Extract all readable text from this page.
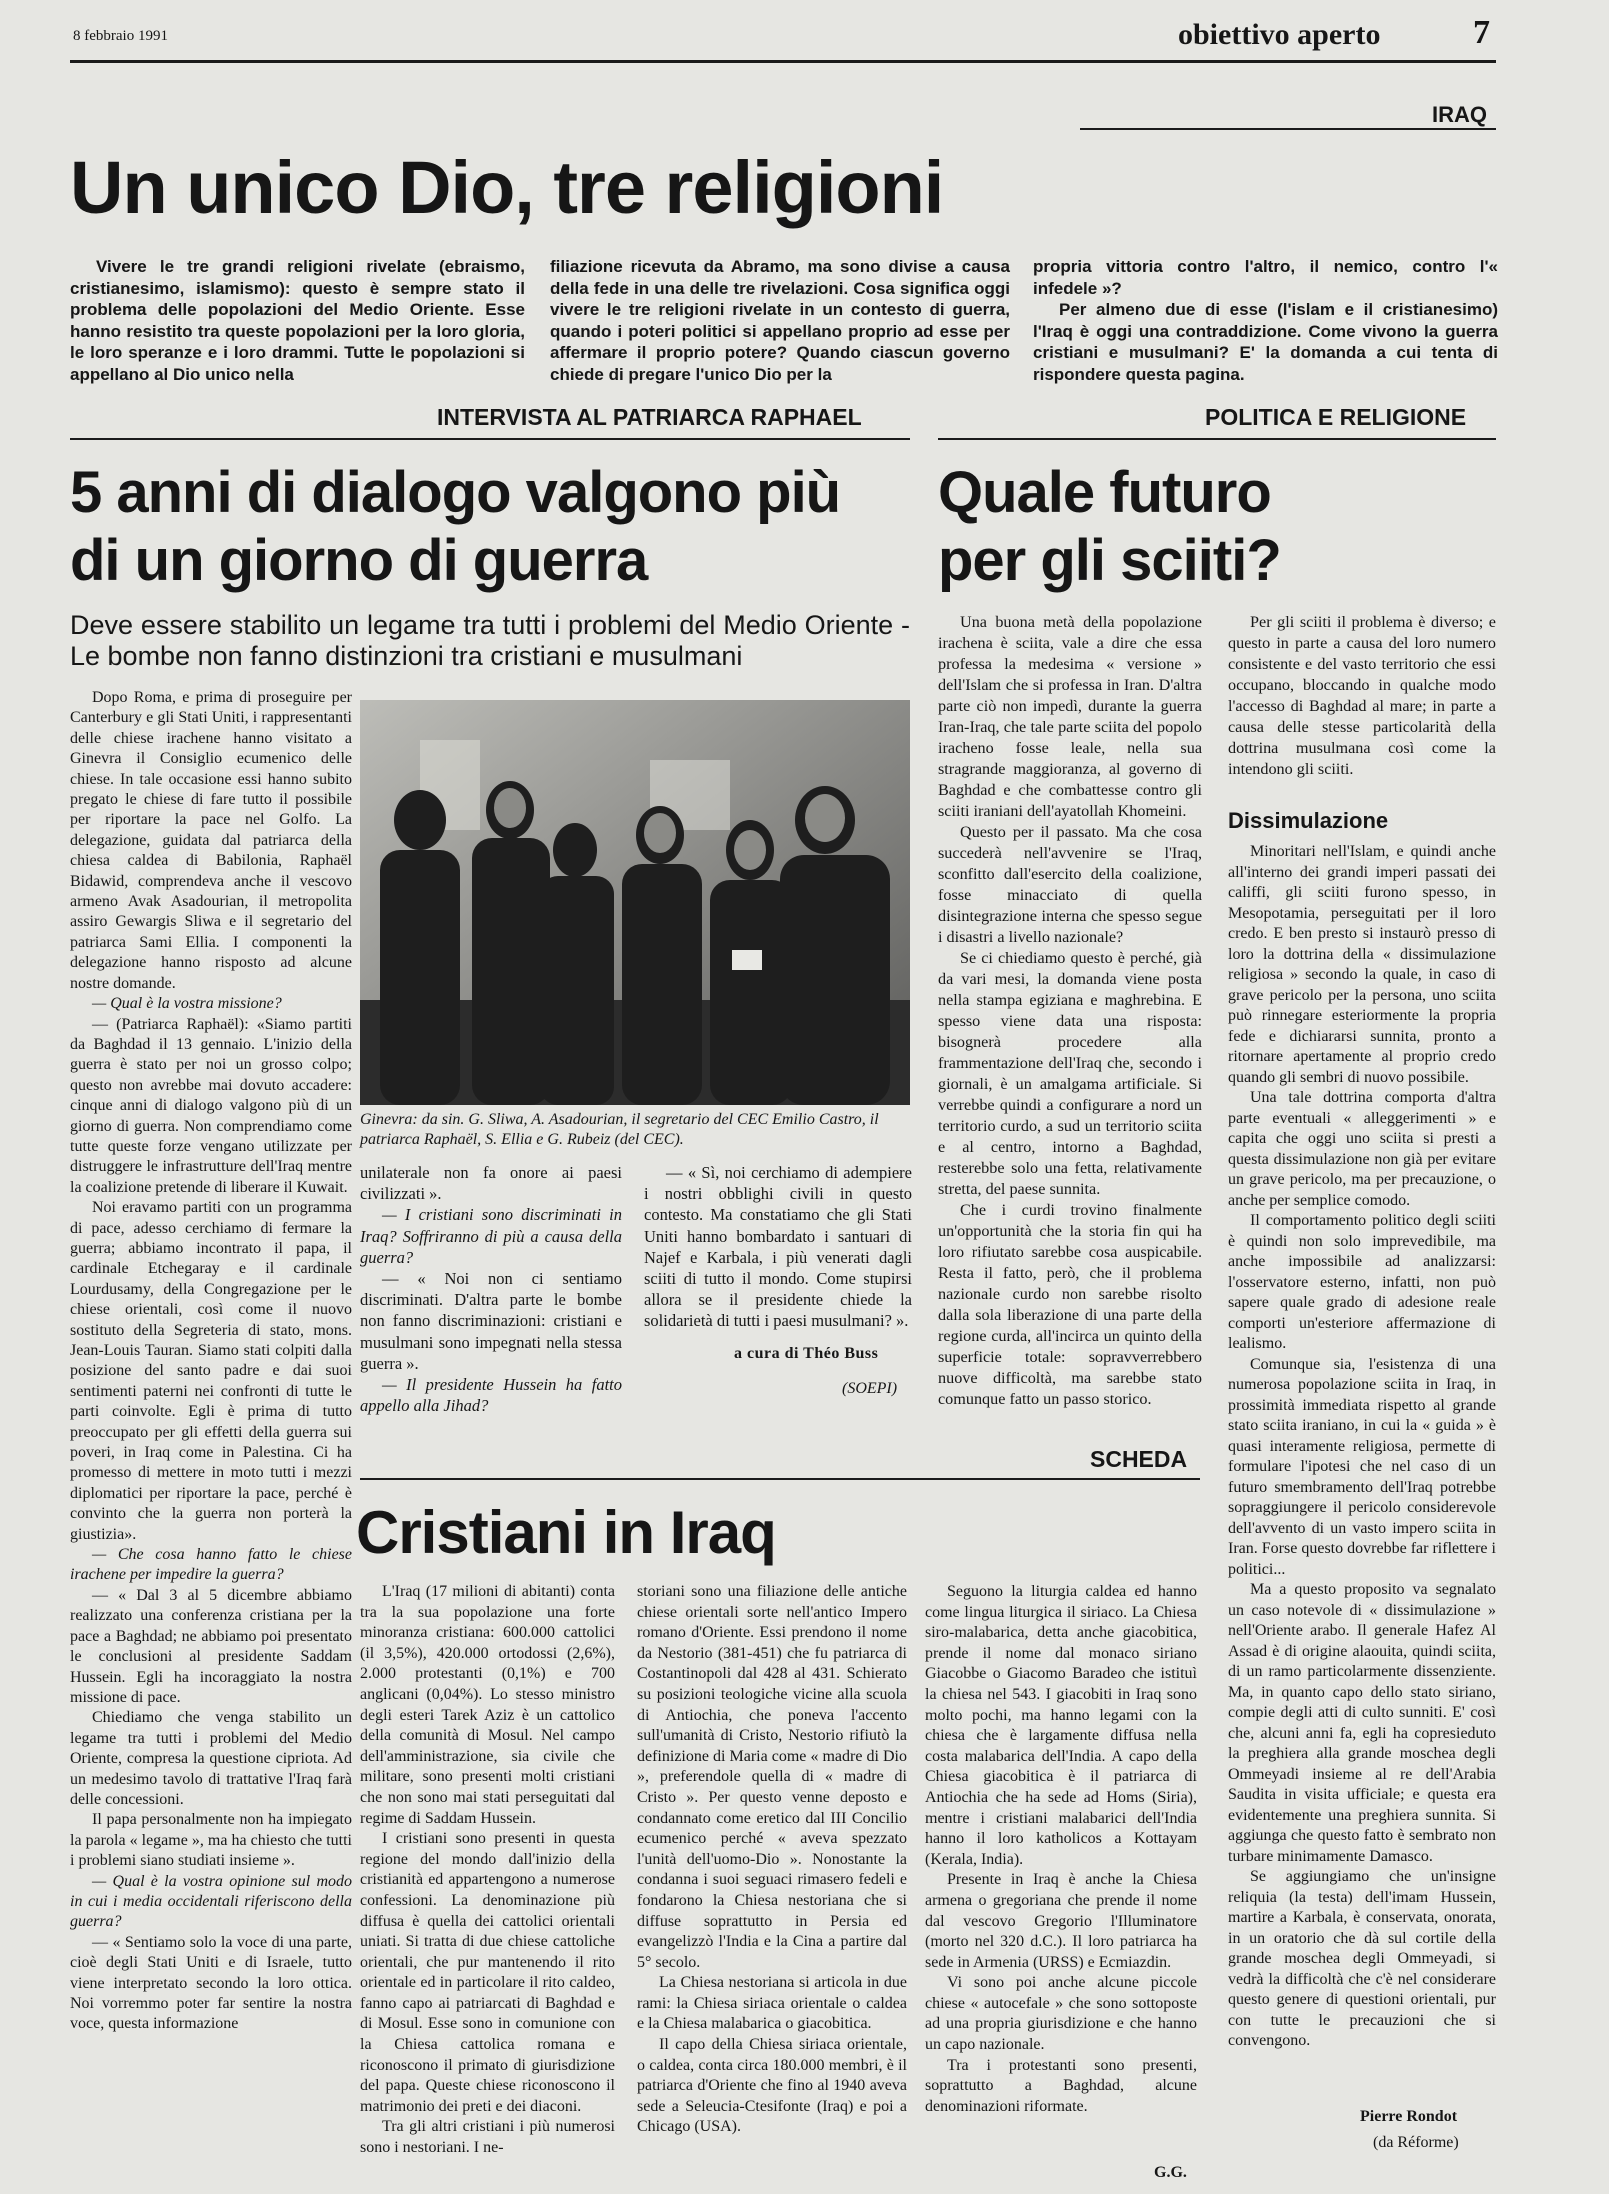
8 febbraio 1991	obiettivo aperto	7
IRAQ
Un unico Dio, tre religioni

Vivere le tre grandi religioni rivelate (ebraismo, cristianesimo, islamismo): questo è sempre stato il problema delle popolazioni del Medio Oriente. Esse hanno resistito tra queste popolazioni per la loro gloria, le loro speranze e i loro drammi. Tutte le popolazioni si appellano al Dio unico nella

filiazione ricevuta da Abramo, ma sono divise a causa della fede in una delle tre rivelazioni. Cosa significa oggi vivere le tre religioni rivelate in un contesto di guerra, quando i poteri politici si appellano proprio ad esse per affermare il proprio potere? Quando ciascun governo chiede di pregare l'unico Dio per la

propria vittoria contro l'altro, il nemico, contro l'« infedele »?

Per almeno due di esse (l'islam e il cristianesimo) l'Iraq è oggi una contraddizione. Come vivono la guerra cristiani e musulmani? E' la domanda a cui tenta di rispondere questa pagina.

INTERVISTA AL PATRIARCA RAPHAEL	POLITICA E RELIGIONE
5 anni di dialogo valgono più
di un giorno di guerra
Deve essere stabilito un legame tra tutti i problemi del Medio Oriente - Le bombe non fanno distinzioni tra cristiani e musulmani
Quale futuro
per gli sciiti?

Dopo Roma, e prima di proseguire per Canterbury e gli Stati Uniti, i rappresentanti delle chiese irachene hanno visitato a Ginevra il Consiglio ecumenico delle chiese. In tale occasione essi hanno subito pregato le chiese di fare tutto il possibile per riportare la pace nel Golfo. La delegazione, guidata dal patriarca della chiesa caldea di Babilonia, Raphaël Bidawid, comprendeva anche il vescovo armeno Avak Asadourian, il metropolita assiro Gewargis Sliwa e il segretario del patriarca Sami Ellia. I componenti la delegazione hanno risposto ad alcune nostre domande.

— Qual è la vostra missione?

— (Patriarca Raphaël): «Siamo partiti da Baghdad il 13 gennaio. L'inizio della guerra è stato per noi un grosso colpo; questo non avrebbe mai dovuto accadere: cinque anni di dialogo valgono più di un giorno di guerra. Non comprendiamo come tutte queste forze vengano utilizzate per distruggere le infrastrutture dell'Iraq mentre la coalizione pretende di liberare il Kuwait.

Noi eravamo partiti con un programma di pace, adesso cerchiamo di fermare la guerra; abbiamo incontrato il papa, il cardinale Etchegaray e il cardinale Lourdusamy, della Congregazione per le chiese orientali, così come il nuovo sostituto della Segreteria di stato, mons. Jean-Louis Tauran. Siamo stati colpiti dalla posizione del santo padre e dai suoi sentimenti paterni nei confronti di tutte le parti coinvolte. Egli è prima di tutto preoccupato per gli effetti della guerra sui poveri, in Iraq come in Palestina. Ci ha promesso di mettere in moto tutti i mezzi diplomatici per riportare la pace, perché è convinto che la guerra non porterà la giustizia».

— Che cosa hanno fatto le chiese irachene per impedire la guerra?

— « Dal 3 al 5 dicembre abbiamo realizzato una conferenza cristiana per la pace a Baghdad; ne abbiamo poi presentato le conclusioni al presidente Saddam Hussein. Egli ha incoraggiato la nostra missione di pace.

Chiediamo che venga stabilito un legame tra tutti i problemi del Medio Oriente, compresa la questione cipriota. Ad un medesimo tavolo di trattative l'Iraq farà delle concessioni.

Il papa personalmente non ha impiegato la parola « legame », ma ha chiesto che tutti i problemi siano studiati insieme ».

— Qual è la vostra opinione sul modo in cui i media occidentali riferiscono della guerra?

— « Sentiamo solo la voce di una parte, cioè degli Stati Uniti e di Israele, tutto viene interpretato secondo la loro ottica. Noi vorremmo poter far sentire la nostra voce, questa informazione

Ginevra: da sin. G. Sliwa, A. Asadourian, il segretario del CEC Emilio Castro, il patriarca Raphaël, S. Ellia e G. Rubeiz (del CEC).

unilaterale non fa onore ai paesi civilizzati ».

— I cristiani sono discriminati in Iraq? Soffriranno di più a causa della guerra?

— « Noi non ci sentiamo discriminati. D'altra parte le bombe non fanno discriminazioni: cristiani e musulmani sono impegnati nella stessa guerra ».

— Il presidente Hussein ha fatto appello alla Jihad?

— « Sì, noi cerchiamo di adempiere i nostri obblighi civili in questo contesto. Ma constatiamo che gli Stati Uniti hanno bombardato i santuari di Najef e Karbala, i più venerati dagli sciiti di tutto il mondo. Come stupirsi allora se il presidente chiede la solidarietà di tutti i paesi musulmani? ».

a cura di Théo Buss
(SOEPI)
SCHEDA
Cristiani in Iraq

L'Iraq (17 milioni di abitanti) conta tra la sua popolazione una forte minoranza cristiana: 600.000 cattolici (il 3,5%), 420.000 ortodossi (2,6%), 2.000 protestanti (0,1%) e 700 anglicani (0,04%). Lo stesso ministro degli esteri Tarek Aziz è un cattolico della comunità di Mosul. Nel campo dell'amministrazione, sia civile che militare, sono presenti molti cristiani che non sono mai stati perseguitati dal regime di Saddam Hussein.

I cristiani sono presenti in questa regione del mondo dall'inizio della cristianità ed appartengono a numerose confessioni. La denominazione più diffusa è quella dei cattolici orientali uniati. Si tratta di due chiese cattoliche orientali, che pur mantenendo il rito orientale ed in particolare il rito caldeo, fanno capo ai patriarcati di Baghdad e di Mosul. Esse sono in comunione con la Chiesa cattolica romana e riconoscono il primato di giurisdizione del papa. Queste chiese riconoscono il matrimonio dei preti e dei diaconi.

Tra gli altri cristiani i più numerosi sono i nestoriani. I ne-

storiani sono una filiazione delle antiche chiese orientali sorte nell'antico Impero romano d'Oriente. Essi prendono il nome da Nestorio (381-451) che fu patriarca di Costantinopoli dal 428 al 431. Schierato su posizioni teologiche vicine alla scuola di Antiochia, che poneva l'accento sull'umanità di Cristo, Nestorio rifiutò la definizione di Maria come « madre di Dio », preferendole quella di « madre di Cristo ». Per questo venne deposto e condannato come eretico dal III Concilio ecumenico perché « aveva spezzato l'unità dell'uomo-Dio ». Nonostante la condanna i suoi seguaci rimasero fedeli e fondarono la Chiesa nestoriana che si diffuse soprattutto in Persia ed evangelizzò l'India e la Cina a partire dal 5° secolo.

La Chiesa nestoriana si articola in due rami: la Chiesa siriaca orientale o caldea e la Chiesa malabarica o giacobitica.

Il capo della Chiesa siriaca orientale, o caldea, conta circa 180.000 membri, è il patriarca d'Oriente che fino al 1940 aveva sede a Seleucia-Ctesifonte (Iraq) e poi a Chicago (USA).

Seguono la liturgia caldea ed hanno come lingua liturgica il siriaco. La Chiesa siro-malabarica, detta anche giacobitica, prende il nome dal monaco siriano Giacobbe o Giacomo Baradeo che istituì la chiesa nel 543. I giacobiti in Iraq sono molto pochi, ma hanno legami con la chiesa che è largamente diffusa nella costa malabarica dell'India. A capo della Chiesa giacobitica è il patriarca di Antiochia che ha sede ad Homs (Siria), mentre i cristiani malabarici dell'India hanno il loro katholicos a Kottayam (Kerala, India).

Presente in Iraq è anche la Chiesa armena o gregoriana che prende il nome dal vescovo Gregorio l'Illuminatore (morto nel 320 d.C.). Il loro patriarca ha sede in Armenia (URSS) e Ecmiazdin.

Vi sono poi anche alcune piccole chiese « autocefale » che sono sottoposte ad una propria giurisdizione e che hanno un capo nazionale.

Tra i protestanti sono presenti, soprattutto a Baghdad, alcune denominazioni riformate.

G.G.

Una buona metà della popolazione irachena è sciita, vale a dire che essa professa la medesima « versione » dell'Islam che si professa in Iran. D'altra parte ciò non impedì, durante la guerra Iran-Iraq, che tale parte sciita del popolo iracheno fosse leale, nella sua stragrande maggioranza, al governo di Baghdad e che combattesse contro gli sciiti iraniani dell'ayatollah Khomeini.

Questo per il passato. Ma che cosa succederà nell'avvenire se l'Iraq, sconfitto dall'esercito della coalizione, fosse minacciato di quella disintegrazione interna che spesso segue i disastri a livello nazionale?

Se ci chiediamo questo è perché, già da vari mesi, la domanda viene posta nella stampa egiziana e maghrebina. E spesso viene data una risposta: bisognerà procedere alla frammentazione dell'Iraq che, secondo i giornali, è un amalgama artificiale. Si verrebbe quindi a configurare a nord un territorio curdo, a sud un territorio sciita e al centro, intorno a Baghdad, resterebbe solo una fetta, relativamente stretta, del paese sunnita.

Che i curdi trovino finalmente un'opportunità che la storia fin qui ha loro rifiutato sarebbe cosa auspicabile. Resta il fatto, però, che il problema nazionale curdo non sarebbe risolto dalla sola liberazione di una parte della regione curda, all'incirca un quinto della superficie totale: sopravverrebbero nuove difficoltà, ma sarebbe stato comunque fatto un passo storico.

Per gli sciiti il problema è diverso; e questo in parte a causa del loro numero consistente e del vasto territorio che essi occupano, bloccando in qualche modo l'accesso di Baghdad al mare; in parte a causa delle stesse particolarità della dottrina musulmana così come la intendono gli sciiti.

Dissimulazione

Minoritari nell'Islam, e quindi anche all'interno dei grandi imperi passati dei califfi, gli sciiti furono spesso, in Mesopotamia, perseguitati per il loro credo. E ben presto si instaurò presso di loro la dottrina della « dissimulazione religiosa » secondo la quale, in caso di grave pericolo per la persona, uno sciita può rinnegare esteriormente la propria fede e dichiararsi sunnita, pronto a ritornare apertamente al proprio credo quando gli sembri di nuovo possibile.

Una tale dottrina comporta d'altra parte eventuali « alleggerimenti » e capita che oggi uno sciita si presti a questa dissimulazione non già per evitare un grave pericolo, ma per precauzione, o anche per semplice comodo.

Il comportamento politico degli sciiti è quindi non solo imprevedibile, ma anche impossibile ad analizzarsi: l'osservatore esterno, infatti, non può sapere quale grado di adesione reale comporti un'esteriore affermazione di lealismo.

Comunque sia, l'esistenza di una numerosa popolazione sciita in Iraq, in prossimità immediata rispetto al grande stato sciita iraniano, in cui la « guida » è quasi interamente religiosa, permette di formulare l'ipotesi che nel caso di un futuro smembramento dell'Iraq potrebbe sopraggiungere il pericolo considerevole dell'avvento di un vasto impero sciita in Iran. Forse questo dovrebbe far riflettere i politici...

Ma a questo proposito va segnalato un caso notevole di « dissimulazione » nell'Oriente arabo. Il generale Hafez Al Assad è di origine alaouita, quindi sciita, di un ramo particolarmente dissenziente. Ma, in quanto capo dello stato siriano, compie degli atti di culto sunniti. E' così che, alcuni anni fa, egli ha copresieduto la preghiera alla grande moschea degli Ommeyadi insieme al re dell'Arabia Saudita in visita ufficiale; e questa era evidentemente una preghiera sunnita. Si aggiunga che questo fatto è sembrato non turbare minimamente Damasco.

Se aggiungiamo che un'insigne reliquia (la testa) dell'imam Hussein, martire a Karbala, è conservata, onorata, in un oratorio che dà sul cortile della grande moschea degli Ommeyadi, si vedrà la difficoltà che c'è nel considerare questo genere di questioni orientali, pur con tutte le precauzioni che si convengono.

Pierre Rondot
(da Réforme)
